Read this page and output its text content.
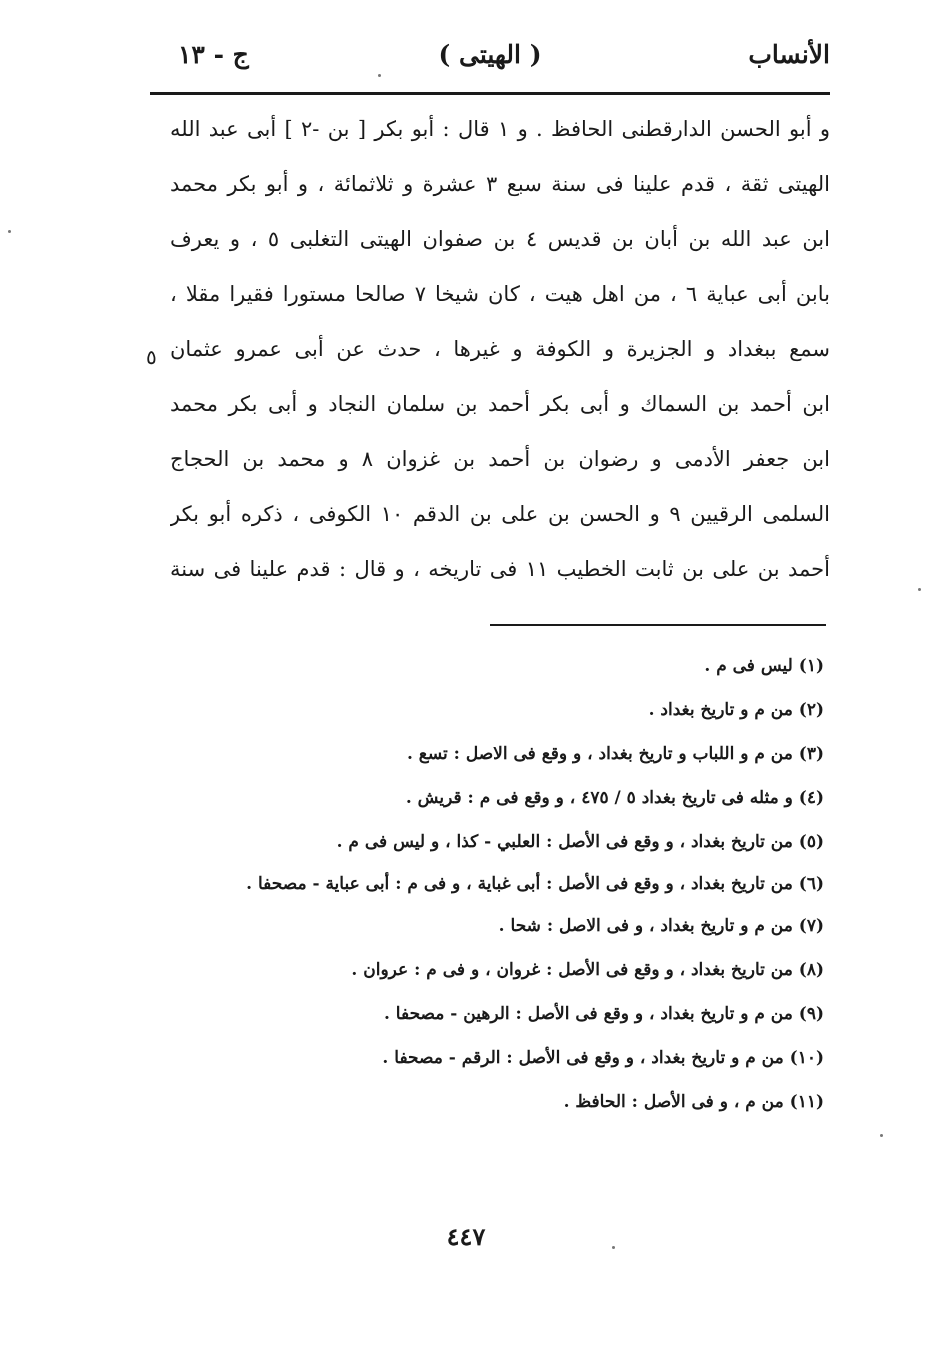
الأنساب
( الهيتى )
ج - ١٣
و أبو الحسن الدارقطنى الحافظ . و ١ قال : أبو بكر [ بن -٢ ] أبى عبد الله
الهيتى ثقة ، قدم علينا فى سنة سبع ٣ عشرة و ثلاثمائة ، و أبو بكر محمد
ابن عبد الله بن أبان بن قديس ٤ بن صفوان الهيتى التغلبى ٥ ، و يعرف
بابن أبى عباية ٦ ، من اهل هيت ، كان شيخا ٧ صالحا مستورا فقيرا مقلا ،
سمع ببغداد و الجزيرة و الكوفة و غيرها ، حدث عن أبى عمرو عثمان
ابن أحمد بن السماك و أبى بكر أحمد بن سلمان النجاد و أبى بكر محمد
ابن جعفر الأدمى و رضوان بن أحمد بن غزوان ٨ و محمد بن الحجاج
السلمى الرقيين ٩ و الحسن بن على بن الدقم ١٠ الكوفى ، ذكره أبو بكر
أحمد بن على بن ثابت الخطيب ١١ فى تاريخه ، و قال : قدم علينا فى سنة
٥
(١) ليس فى م .
(٢) من م و تاريخ بغداد .
(٣) من م و اللباب و تاريخ بغداد ، و وقع فى الاصل : تسع .
(٤) و مثله فى تاريخ بغداد ٥ / ٤٧٥ ، و وقع فى م : قريش .
(٥) من تاريخ بغداد ، و وقع فى الأصل : العلبي - كذا ، و ليس فى م .
(٦) من تاريخ بغداد ، و وقع فى الأصل : أبى غباية ، و فى م : أبى عباية - مصحفا .
(٧) من م و تاريخ بغداد ، و فى الاصل : شحا .
(٨) من تاريخ بغداد ، و وقع فى الأصل : غروان ، و فى م : عروان .
(٩) من م و تاريخ بغداد ، و وقع فى الأصل : الرهين - مصحفا .
(١٠) من م و تاريخ بغداد ، و وقع فى الأصل : الرقم - مصحفا .
(١١) من م ، و فى الأصل : الحافظ .
٤٤٧
